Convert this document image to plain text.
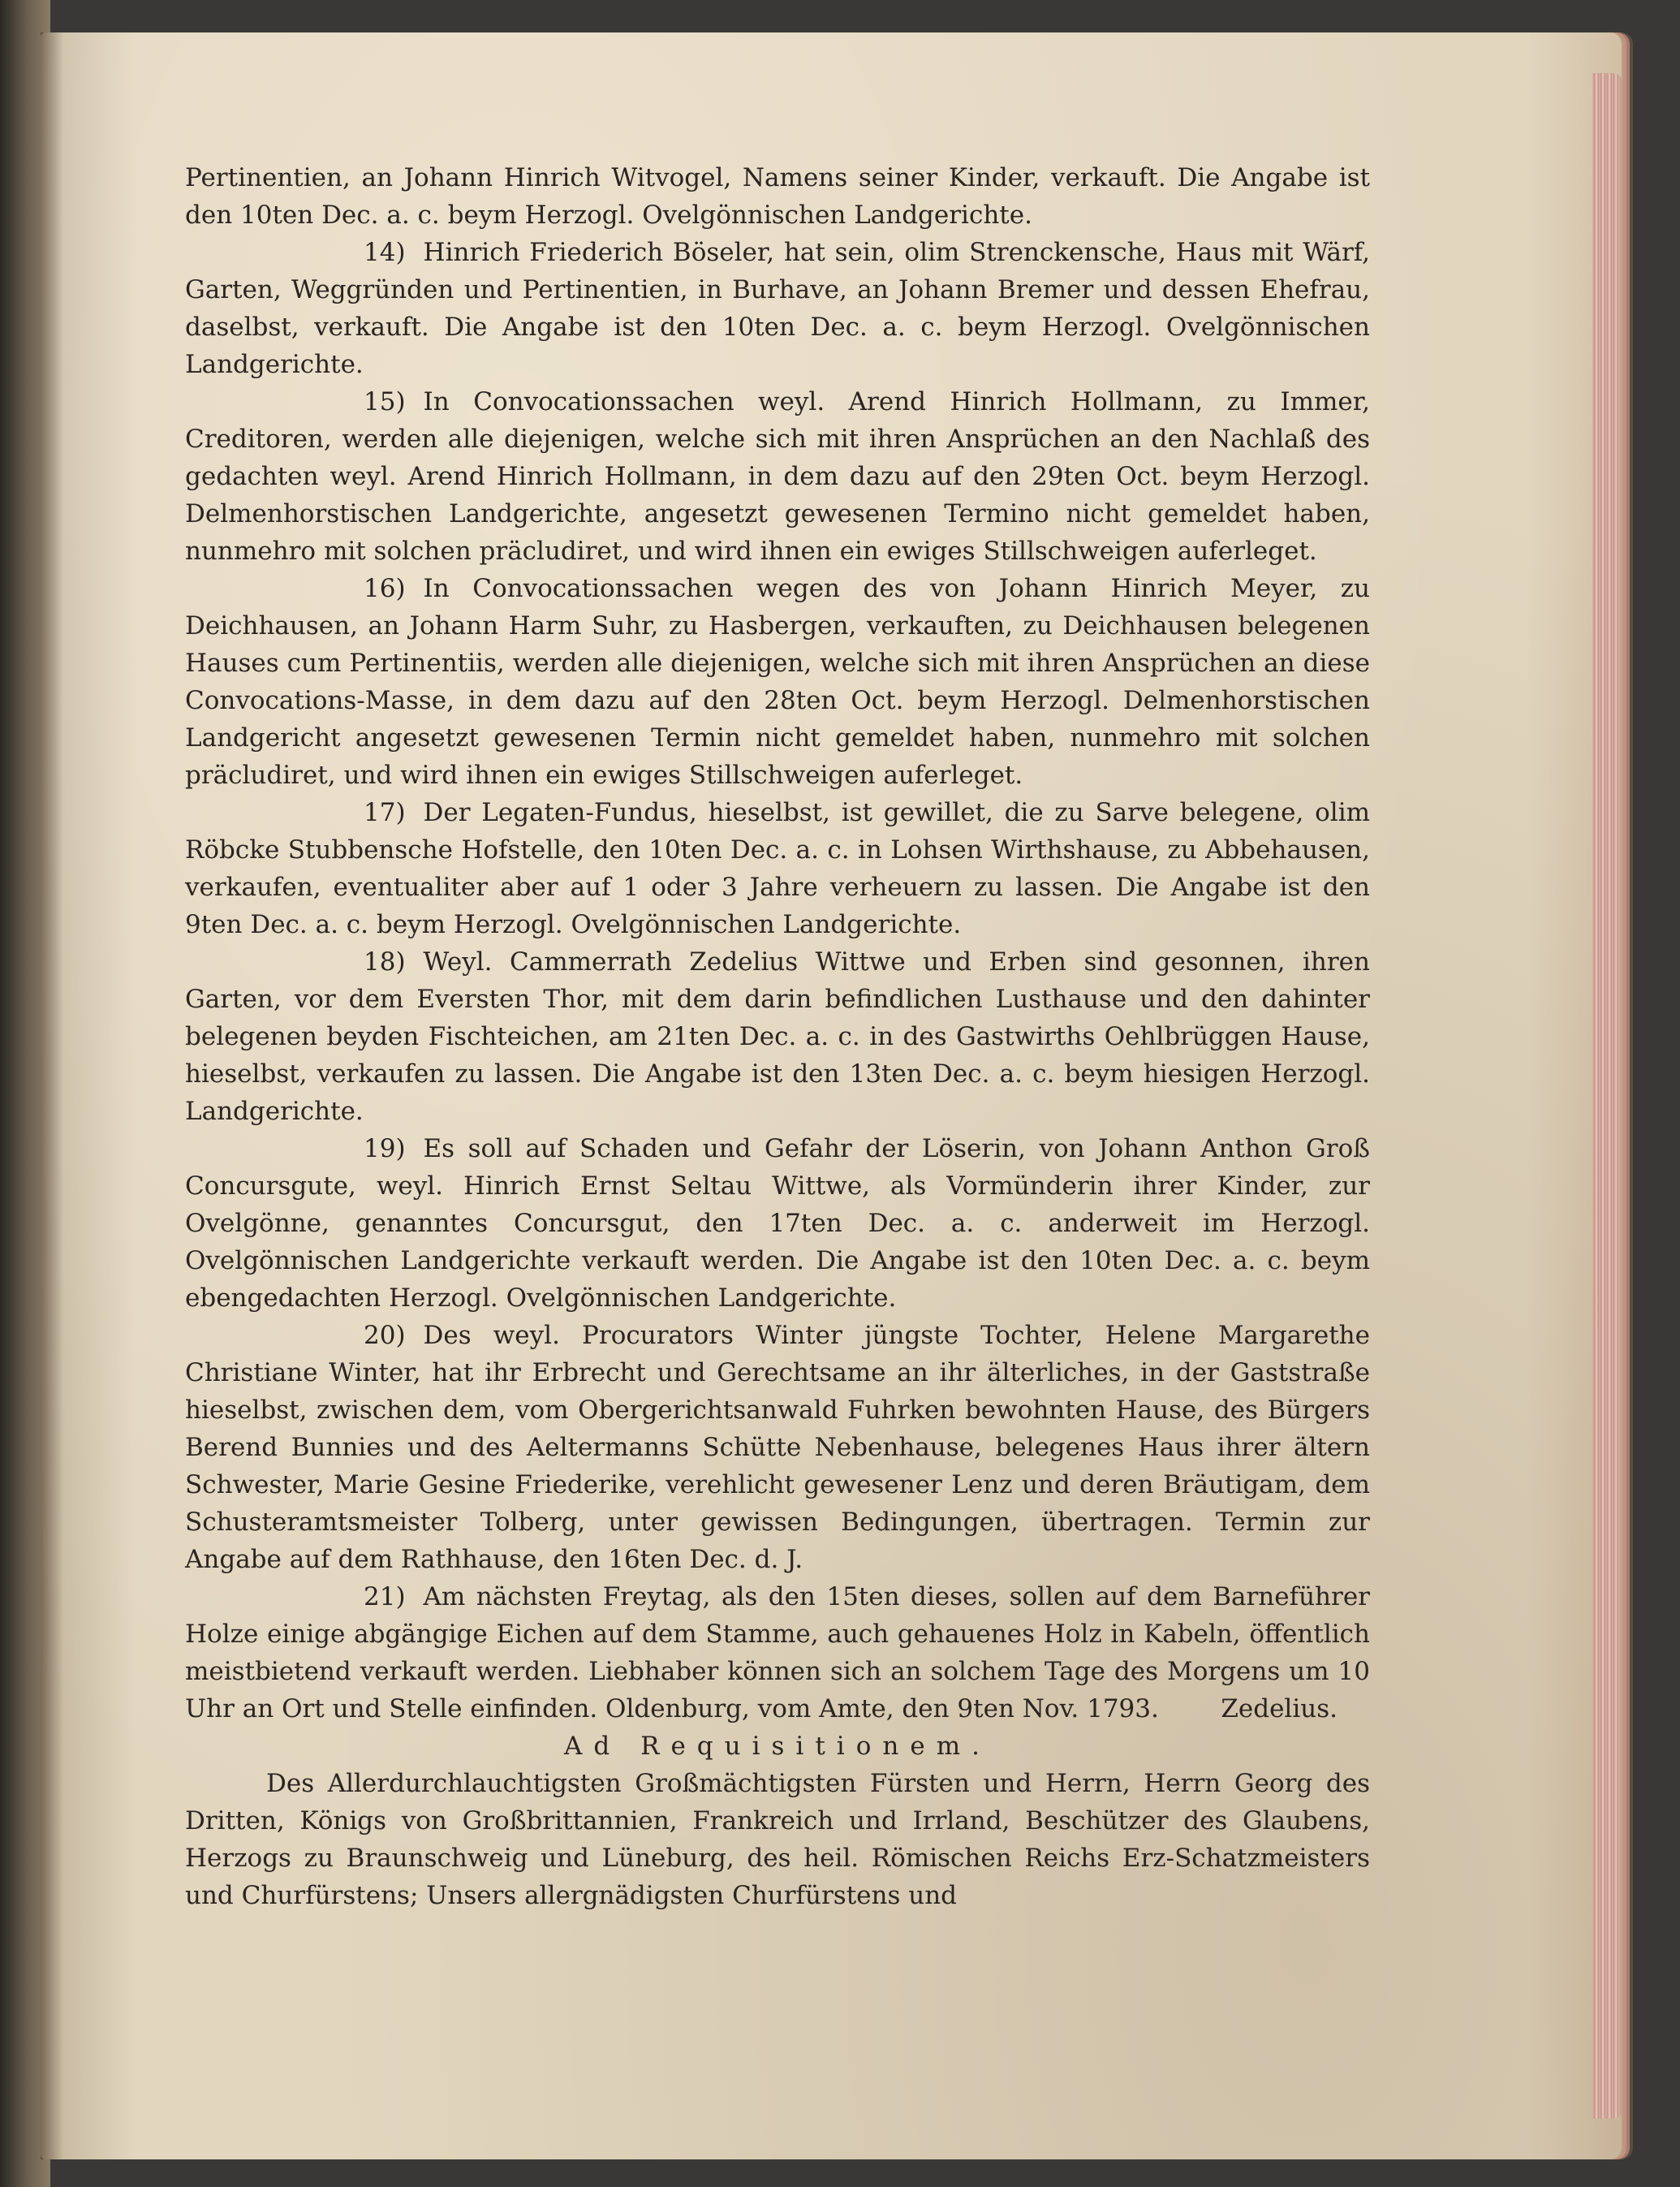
Pertinentien, an Johann Hinrich Witvogel, Namens seiner Kinder, verkauft. Die Angabe ist den 10ten Dec. a. c. beym Herzogl. Ovelgönnischen Landgerichte.

14) Hinrich Friederich Böseler, hat sein, olim Strenckensche, Haus mit Wärf, Garten, Weggründen und Pertinentien, in Burhave, an Johann Bremer und dessen Ehefrau, daselbst, verkauft. Die Angabe ist den 10ten Dec. a. c. beym Herzogl. Ovelgönnischen Landgerichte.

15) In Convocationssachen weyl. Arend Hinrich Hollmann, zu Immer, Creditoren, werden alle diejenigen, welche sich mit ihren Ansprüchen an den Nachlaß des gedachten weyl. Arend Hinrich Hollmann, in dem dazu auf den 29ten Oct. beym Herzogl. Delmenhorstischen Landgerichte, angesetzt gewesenen Termino nicht gemeldet haben, nunmehro mit solchen präcludiret, und wird ihnen ein ewiges Stillschweigen auferleget.

16) In Convocationssachen wegen des von Johann Hinrich Meyer, zu Deichhausen, an Johann Harm Suhr, zu Hasbergen, verkauften, zu Deichhausen belegenen Hauses cum Pertinentiis, werden alle diejenigen, welche sich mit ihren Ansprüchen an diese Convocations-Masse, in dem dazu auf den 28ten Oct. beym Herzogl. Delmenhorstischen Landgericht angesetzt gewesenen Termin nicht gemeldet haben, nunmehro mit solchen präcludiret, und wird ihnen ein ewiges Stillschweigen auferleget.

17) Der Legaten-Fundus, hieselbst, ist gewillet, die zu Sarve belegene, olim Röbcke Stubbensche Hofstelle, den 10ten Dec. a. c. in Lohsen Wirthshause, zu Abbehausen, verkaufen, eventualiter aber auf 1 oder 3 Jahre verheuern zu lassen. Die Angabe ist den 9ten Dec. a. c. beym Herzogl. Ovelgönnischen Landgerichte.

18) Weyl. Cammerrath Zedelius Wittwe und Erben sind gesonnen, ihren Garten, vor dem Eversten Thor, mit dem darin befindlichen Lusthause und den dahinter belegenen beyden Fischteichen, am 21ten Dec. a. c. in des Gastwirths Oehlbrüggen Hause, hieselbst, verkaufen zu lassen. Die Angabe ist den 13ten Dec. a. c. beym hiesigen Herzogl. Landgerichte.

19) Es soll auf Schaden und Gefahr der Löserin, von Johann Anthon Groß Concursgute, weyl. Hinrich Ernst Seltau Wittwe, als Vormünderin ihrer Kinder, zur Ovelgönne, genanntes Concursgut, den 17ten Dec. a. c. anderweit im Herzogl. Ovelgönnischen Landgerichte verkauft werden. Die Angabe ist den 10ten Dec. a. c. beym ebengedachten Herzogl. Ovelgönnischen Landgerichte.

20) Des weyl. Procurators Winter jüngste Tochter, Helene Margarethe Christiane Winter, hat ihr Erbrecht und Gerechtsame an ihr älterliches, in der Gaststraße hieselbst, zwischen dem, vom Obergerichtsanwald Fuhrken bewohnten Hause, des Bürgers Berend Bunnies und des Aeltermanns Schütte Nebenhause, belegenes Haus ihrer ältern Schwester, Marie Gesine Friederike, verehlicht gewesener Lenz und deren Bräutigam, dem Schusteramtsmeister Tolberg, unter gewissen Bedingungen, übertragen. Termin zur Angabe auf dem Rathhause, den 16ten Dec. d. J.

21) Am nächsten Freytag, als den 15ten dieses, sollen auf dem Barneführer Holze einige abgängige Eichen auf dem Stamme, auch gehauenes Holz in Kabeln, öffentlich meistbietend verkauft werden. Liebhaber können sich an solchem Tage des Morgens um 10 Uhr an Ort und Stelle einfinden. Oldenburg, vom Amte, den 9ten Nov. 1793. Zedelius.

Ad Requisitionem.

Des Allerdurchlauchtigsten Großmächtigsten Fürsten und Herrn, Herrn Georg des Dritten, Königs von Großbrittannien, Frankreich und Irrland, Beschützer des Glaubens, Herzogs zu Braunschweig und Lüneburg, des heil. Römischen Reichs Erz-Schatzmeisters und Churfürstens; Unsers allergnädigsten Churfürstens und
